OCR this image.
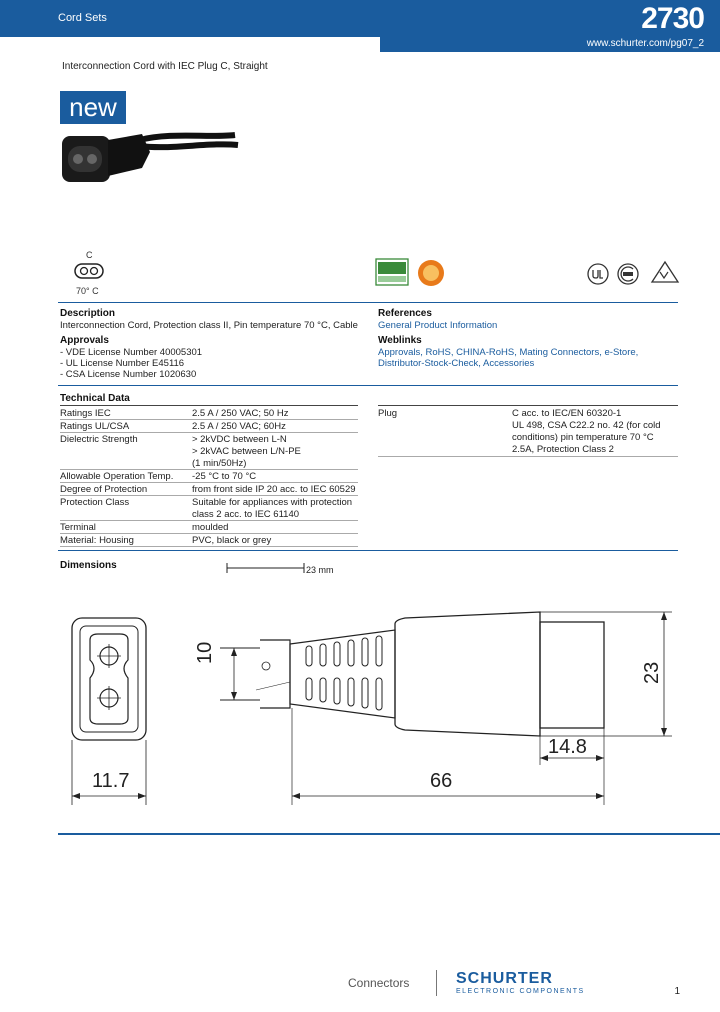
Cord Sets	2730
www.schurter.com/pg07_2
Interconnection Cord with IEC Plug C, Straight
new
C
70° C
Description
Interconnection Cord, Protection class II, Pin temperature 70 °C, Cable
Approvals
- VDE License Number 40005301
- UL License Number E45116
- CSA License Number 1020630
References
General Product Information
Weblinks
Approvals, RoHS, CHINA-RoHS, Mating Connectors, e-Store,
Distributor-Stock-Check, Accessories
Technical Data
Ratings IEC	2.5 A / 250 VAC; 50 Hz
Ratings UL/CSA	2.5 A / 250 VAC; 60Hz
Dielectric Strength	> 2kVDC between L-N
> 2kVAC between L/N-PE
(1 min/50Hz)
Allowable Operation Temp. -25 °C to 70 °C
Degree of Protection	from front side IP 20 acc. to IEC 60529
Protection Class	Suitable for appliances with protection
class 2 acc. to IEC 61140
Terminal	moulded
Material: Housing	PVC, black or grey
Plug	C acc. to IEC/EN 60320-1
UL 498, CSA C22.2 no. 42 (for cold
conditions) pin temperature 70 °C
2.5A, Protection Class 2
Dimensions	23 mm
10
23
14.8
11.7	66
Connectors	SCHURTER
ELECTRONIC COMPONENTS	1
